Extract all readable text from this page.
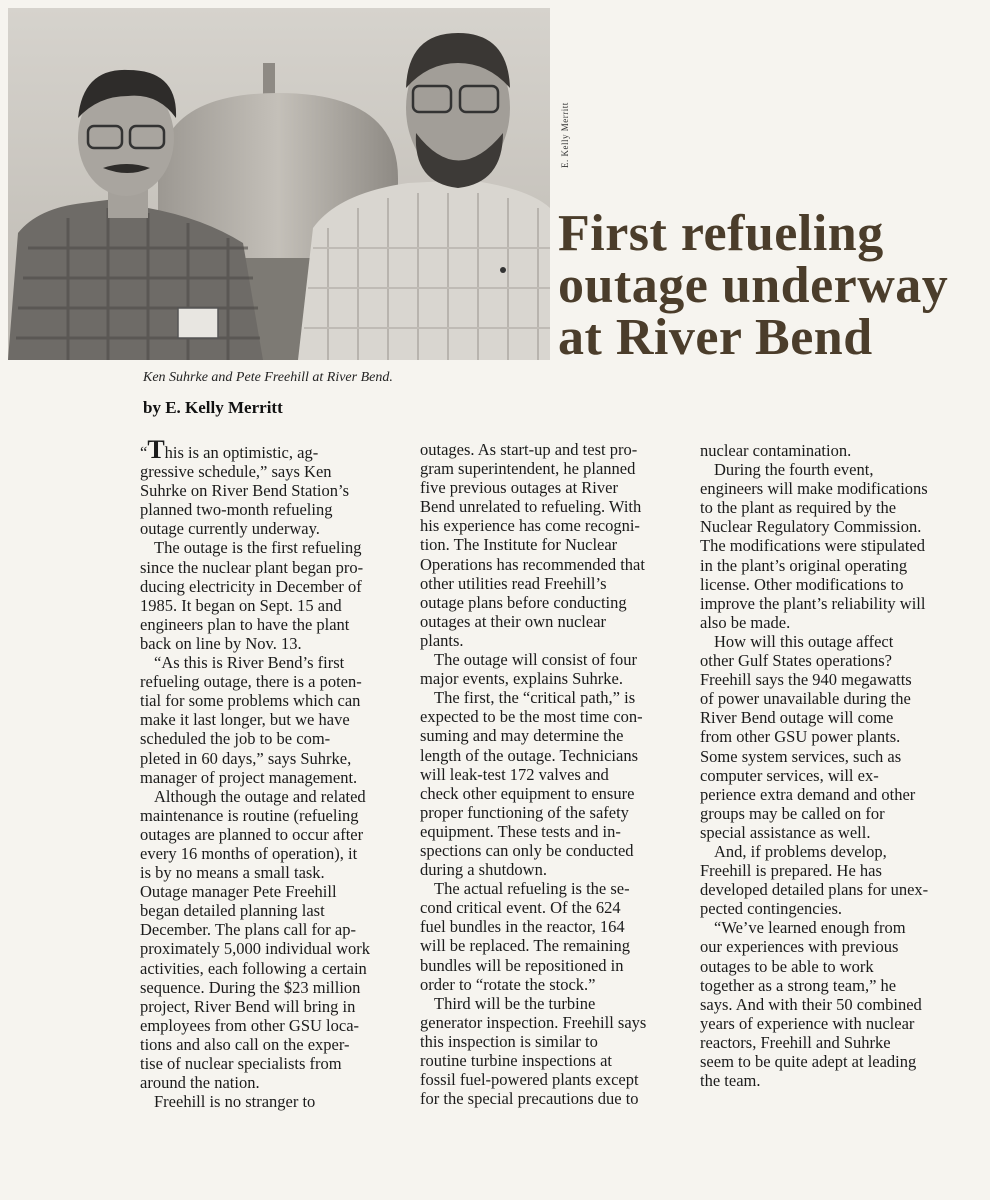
E. Kelly Merritt
First refueling
outage underway
at River Bend
Ken Suhrke and Pete Freehill at River Bend.
by E. Kelly Merritt

“This is an optimistic, ag-

gressive schedule,” says Ken

Suhrke on River Bend Station’s

planned two-month refueling

outage currently underway.

The outage is the first refueling

since the nuclear plant began pro-

ducing electricity in December of

1985. It began on Sept. 15 and

engineers plan to have the plant

back on line by Nov. 13.

“As this is River Bend’s first

refueling outage, there is a poten-

tial for some problems which can

make it last longer, but we have

scheduled the job to be com-

pleted in 60 days,” says Suhrke,

manager of project management.

Although the outage and related

maintenance is routine (refueling

outages are planned to occur after

every 16 months of operation), it

is by no means a small task.

Outage manager Pete Freehill

began detailed planning last

December. The plans call for ap-

proximately 5,000 individual work

activities, each following a certain

sequence. During the $23 million

project, River Bend will bring in

employees from other GSU loca-

tions and also call on the exper-

tise of nuclear specialists from

around the nation.

Freehill is no stranger to

outages. As start-up and test pro-

gram superintendent, he planned

five previous outages at River

Bend unrelated to refueling. With

his experience has come recogni-

tion. The Institute for Nuclear

Operations has recommended that

other utilities read Freehill’s

outage plans before conducting

outages at their own nuclear

plants.

The outage will consist of four

major events, explains Suhrke.

The first, the “critical path,” is

expected to be the most time con-

suming and may determine the

length of the outage. Technicians

will leak-test 172 valves and

check other equipment to ensure

proper functioning of the safety

equipment. These tests and in-

spections can only be conducted

during a shutdown.

The actual refueling is the se-

cond critical event. Of the 624

fuel bundles in the reactor, 164

will be replaced. The remaining

bundles will be repositioned in

order to “rotate the stock.”

Third will be the turbine

generator inspection. Freehill says

this inspection is similar to

routine turbine inspections at

fossil fuel-powered plants except

for the special precautions due to

nuclear contamination.

During the fourth event,

engineers will make modifications

to the plant as required by the

Nuclear Regulatory Commission.

The modifications were stipulated

in the plant’s original operating

license. Other modifications to

improve the plant’s reliability will

also be made.

How will this outage affect

other Gulf States operations?

Freehill says the 940 megawatts

of power unavailable during the

River Bend outage will come

from other GSU power plants.

Some system services, such as

computer services, will ex-

perience extra demand and other

groups may be called on for

special assistance as well.

And, if problems develop,

Freehill is prepared. He has

developed detailed plans for unex-

pected contingencies.

“We’ve learned enough from

our experiences with previous

outages to be able to work

together as a strong team,” he

says. And with their 50 combined

years of experience with nuclear

reactors, Freehill and Suhrke

seem to be quite adept at leading

the team.
